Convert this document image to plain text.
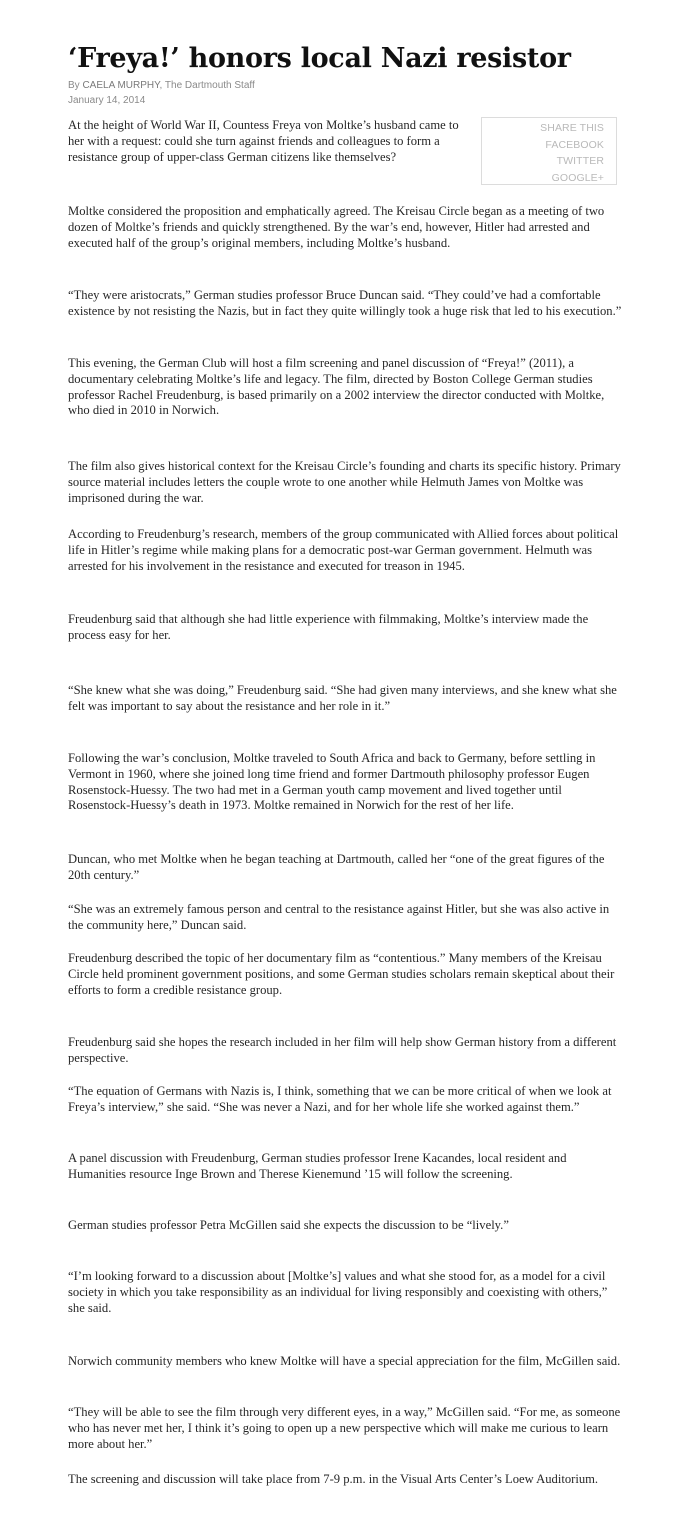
‘Freya!’ honors local Nazi resistor
By CAELA MURPHY, The Dartmouth Staff
January 14, 2014
SHARE THIS
FACEBOOK
TWITTER
GOOGLE+

At the height of World War II, Countess Freya von Moltke’s husband came to her with a request: could she turn against friends and colleagues to form a resistance group of upper-class German citizens like themselves?

Moltke considered the proposition and emphatically agreed. The Kreisau Circle began as a meeting of two dozen of Moltke’s friends and quickly strengthened. By the war’s end, however, Hitler had arrested and executed half of the group’s original members, including Moltke’s husband.

“They were aristocrats,” German studies professor Bruce Duncan said. “They could’ve had a comfortable existence by not resisting the Nazis, but in fact they quite willingly took a huge risk that led to his execution.”

This evening, the German Club will host a film screening and panel discussion of “Freya!” (2011), a documentary celebrating Moltke’s life and legacy. The film, directed by Boston College German studies professor Rachel Freudenburg, is based primarily on a 2002 interview the director conducted with Moltke, who died in 2010 in Norwich.

The film also gives historical context for the Kreisau Circle’s founding and charts its specific history. Primary source material includes letters the couple wrote to one another while Helmuth James von Moltke was imprisoned during the war.

According to Freudenburg’s research, members of the group communicated with Allied forces about political life in Hitler’s regime while making plans for a democratic post-war German government. Helmuth was arrested for his involvement in the resistance and executed for treason in 1945.

Freudenburg said that although she had little experience with filmmaking, Moltke’s interview made the process easy for her.

“She knew what she was doing,” Freudenburg said. “She had given many interviews, and she knew what she felt was important to say about the resistance and her role in it.”

Following the war’s conclusion, Moltke traveled to South Africa and back to Germany, before settling in Vermont in 1960, where she joined long time friend and former Dartmouth philosophy professor Eugen Rosenstock-Huessy. The two had met in a German youth camp movement and lived together until Rosenstock-Huessy’s death in 1973. Moltke remained in Norwich for the rest of her life.

Duncan, who met Moltke when he began teaching at Dartmouth, called her “one of the great figures of the 20th century.”

“She was an extremely famous person and central to the resistance against Hitler, but she was also active in the community here,” Duncan said.

Freudenburg described the topic of her documentary film as “contentious.” Many members of the Kreisau Circle held prominent government positions, and some German studies scholars remain skeptical about their efforts to form a credible resistance group.

Freudenburg said she hopes the research included in her film will help show German history from a different perspective.

“The equation of Germans with Nazis is, I think, something that we can be more critical of when we look at Freya’s interview,” she said. “She was never a Nazi, and for her whole life she worked against them.”

A panel discussion with Freudenburg, German studies professor Irene Kacandes, local resident and Humanities resource Inge Brown and Therese Kienemund ’15 will follow the screening.

German studies professor Petra McGillen said she expects the discussion to be “lively.”

“I’m looking forward to a discussion about [Moltke’s] values and what she stood for, as a model for a civil society in which you take responsibility as an individual for living responsibly and coexisting with others,” she said.

Norwich community members who knew Moltke will have a special appreciation for the film, McGillen said.

“They will be able to see the film through very different eyes, in a way,” McGillen said. “For me, as someone who has never met her, I think it’s going to open up a new perspective which will make me curious to learn more about her.”

The screening and discussion will take place from 7-9 p.m. in the Visual Arts Center’s Loew Auditorium.
